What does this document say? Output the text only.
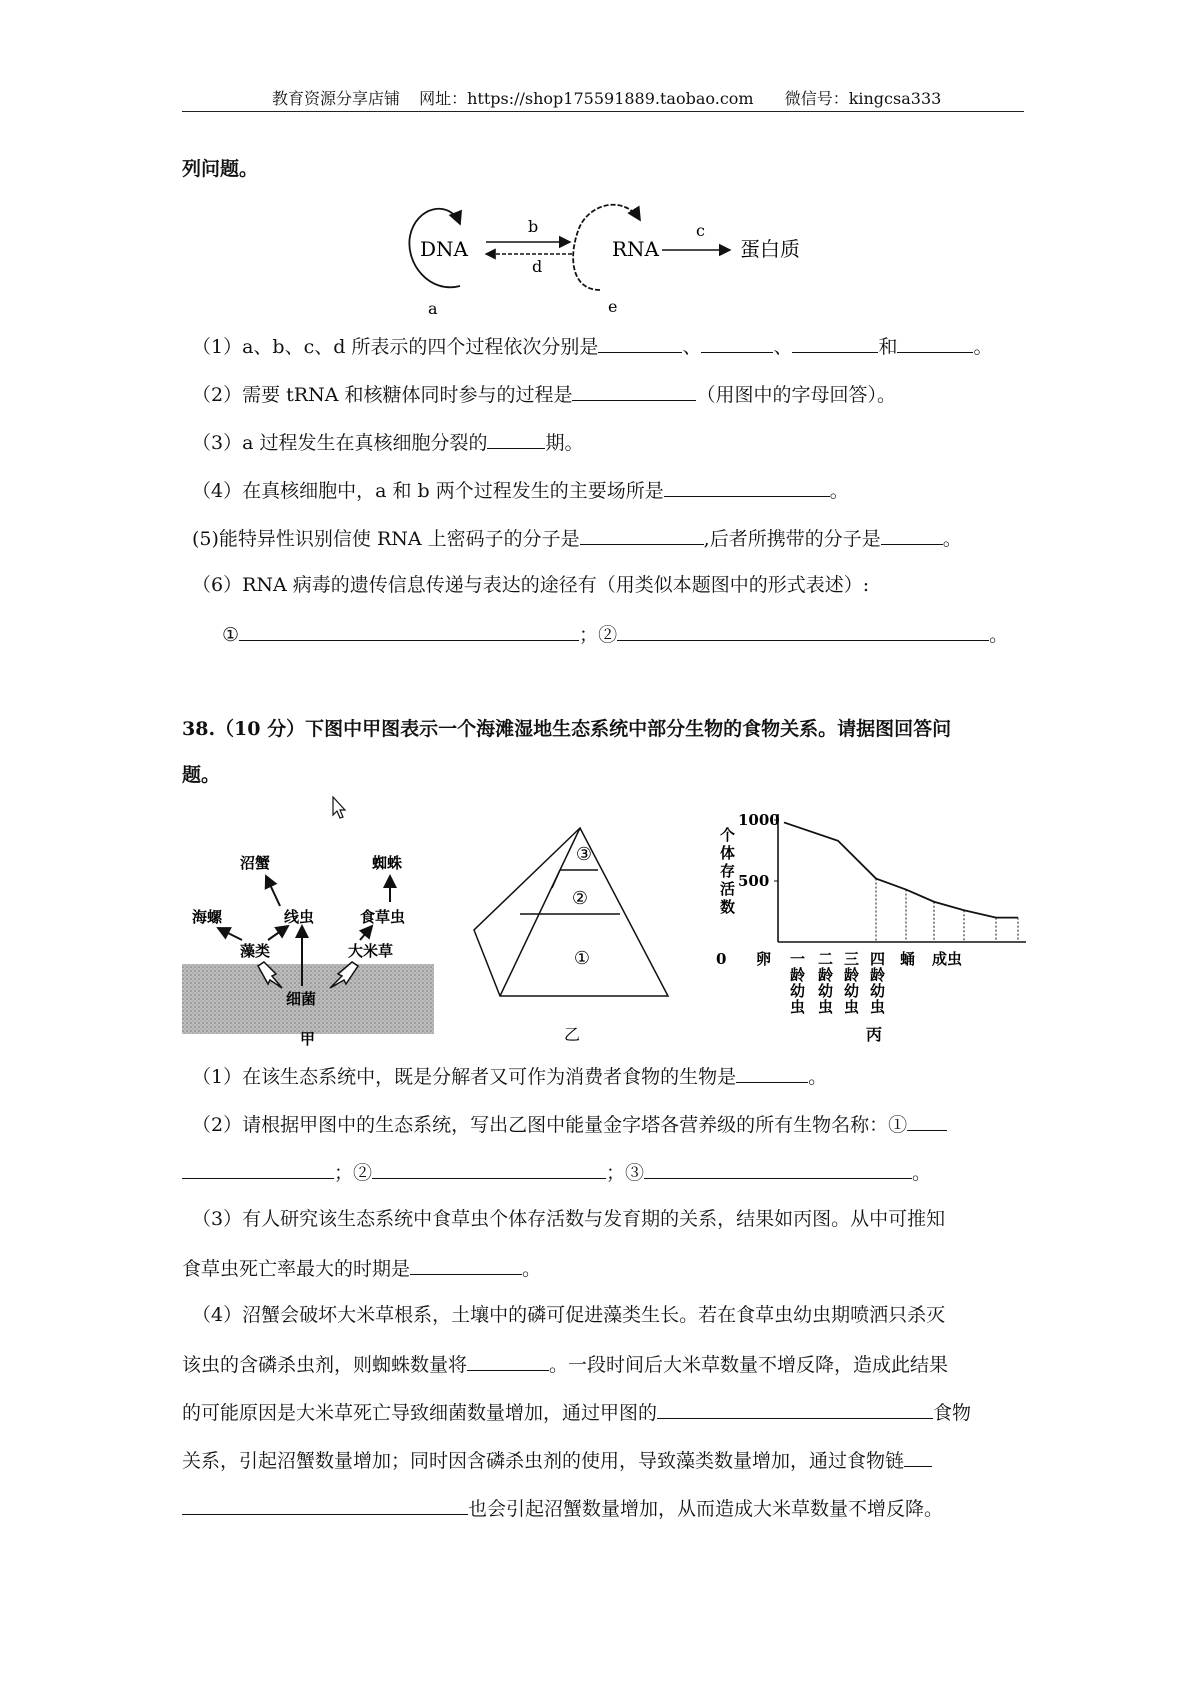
教育资源分享店铺 网址：https://shop175591889.taobao.com 微信号：kingcsa333
列问题。
DNA
a
b
d
RNA
e
c
蛋白质
（1）a、b、c、d 所表示的四个过程依次分别是	、	、	和	。
（2）需要 tRNA 和核糖体同时参与的过程是	（用图中的字母回答）。
（3）a 过程发生在真核细胞分裂的	期。
（4）在真核细胞中，a 和 b 两个过程发生的主要场所是	。
(5)能特异性识别信使 RNA 上密码子的分子是	,后者所携带的分子是	。
（6）RNA 病毒的遗传信息传递与表达的途径有（用类似本题图中的形式表述）:
①	；②	。
38.（10 分）下图中甲图表示一个海滩湿地生态系统中部分生物的食物关系。请据图回答问
题。
沼蟹	蜘蛛
海螺	线虫	食草虫
藻类	大米草
细菌
甲
③
②
①
乙
个
体
存
活
数
1000
500
0 卵 一
龄
幼
虫
二
龄
幼
虫
三
龄
幼
虫
四
龄
幼
虫
蛹 成虫
丙
（1）在该生态系统中，既是分解者又可作为消费者食物的生物是	。
（2）请根据甲图中的生态系统，写出乙图中能量金字塔各营养级的所有生物名称：①
；②	；③	。
（3）有人研究该生态系统中食草虫个体存活数与发育期的关系，结果如丙图。从中可推知
食草虫死亡率最大的时期是	。
（4）沼蟹会破坏大米草根系，土壤中的磷可促进藻类生长。若在食草虫幼虫期喷洒只杀灭
该虫的含磷杀虫剂，则蜘蛛数量将	。一段时间后大米草数量不增反降，造成此结果
的可能原因是大米草死亡导致细菌数量增加，通过甲图的	食物
关系，引起沼蟹数量增加；同时因含磷杀虫剂的使用，导致藻类数量增加，通过食物链
也会引起沼蟹数量增加，从而造成大米草数量不增反降。
